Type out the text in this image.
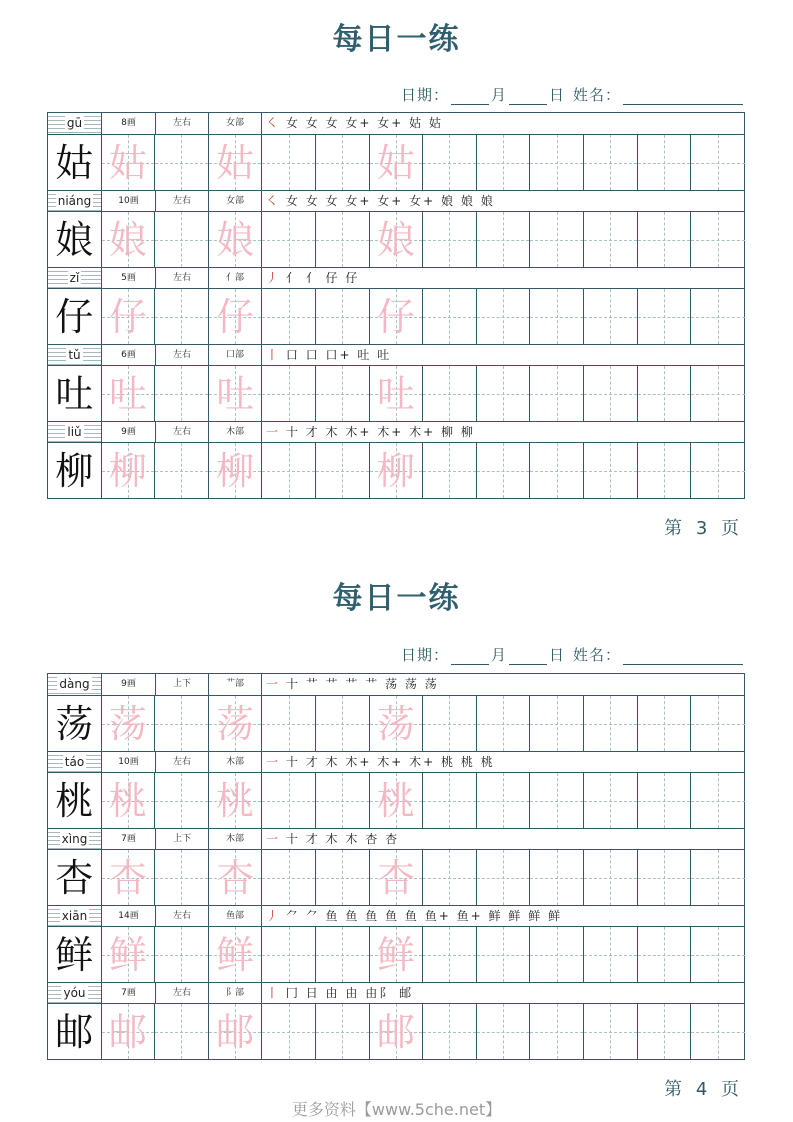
每日一练
日期：	月	日 姓名：
gū	8画	左右	女部	㇛ 女 女 女 女+ 女+ 姑 姑
姑 姑 姑	姑
niáng	10画	左右	女部	㇛ 女 女 女 女+ 女+ 女+ 娘 娘 娘
娘 娘 娘	娘
zǐ	5画	左右	亻部	丿 亻 亻 仔 仔
仔 仔 仔	仔
tǔ	6画	左右	口部	丨 口 口 口+ 吐 吐
吐 吐 吐	吐
liǔ	9画	左右	木部	一 十 才 木 木+ 木+ 木+ 柳 柳
柳 柳 柳	柳
第 3 页
每日一练
日期：	月	日 姓名：
dàng	9画	上下	艹部	一 十 艹 艹 艹 艹 荡 荡 荡
荡 荡 荡	荡
táo	10画	左右	木部	一 十 才 木 木+ 木+ 木+ 桃 桃 桃
桃 桃 桃	桃
xìng	7画	上下	木部	一 十 才 木 木 杏 杏
杏 杏 杏	杏
xiān	14画	左右	鱼部	丿 ⺈ ⺈ 鱼 鱼 鱼 鱼 鱼 鱼+ 鱼+ 鲜 鲜 鲜 鲜
鲜 鲜 鲜	鲜
yóu	7画	左右	阝部	丨 冂 日 由 由 由阝 邮
邮 邮 邮	邮
第 4 页
更多资料【www.5che.net】
